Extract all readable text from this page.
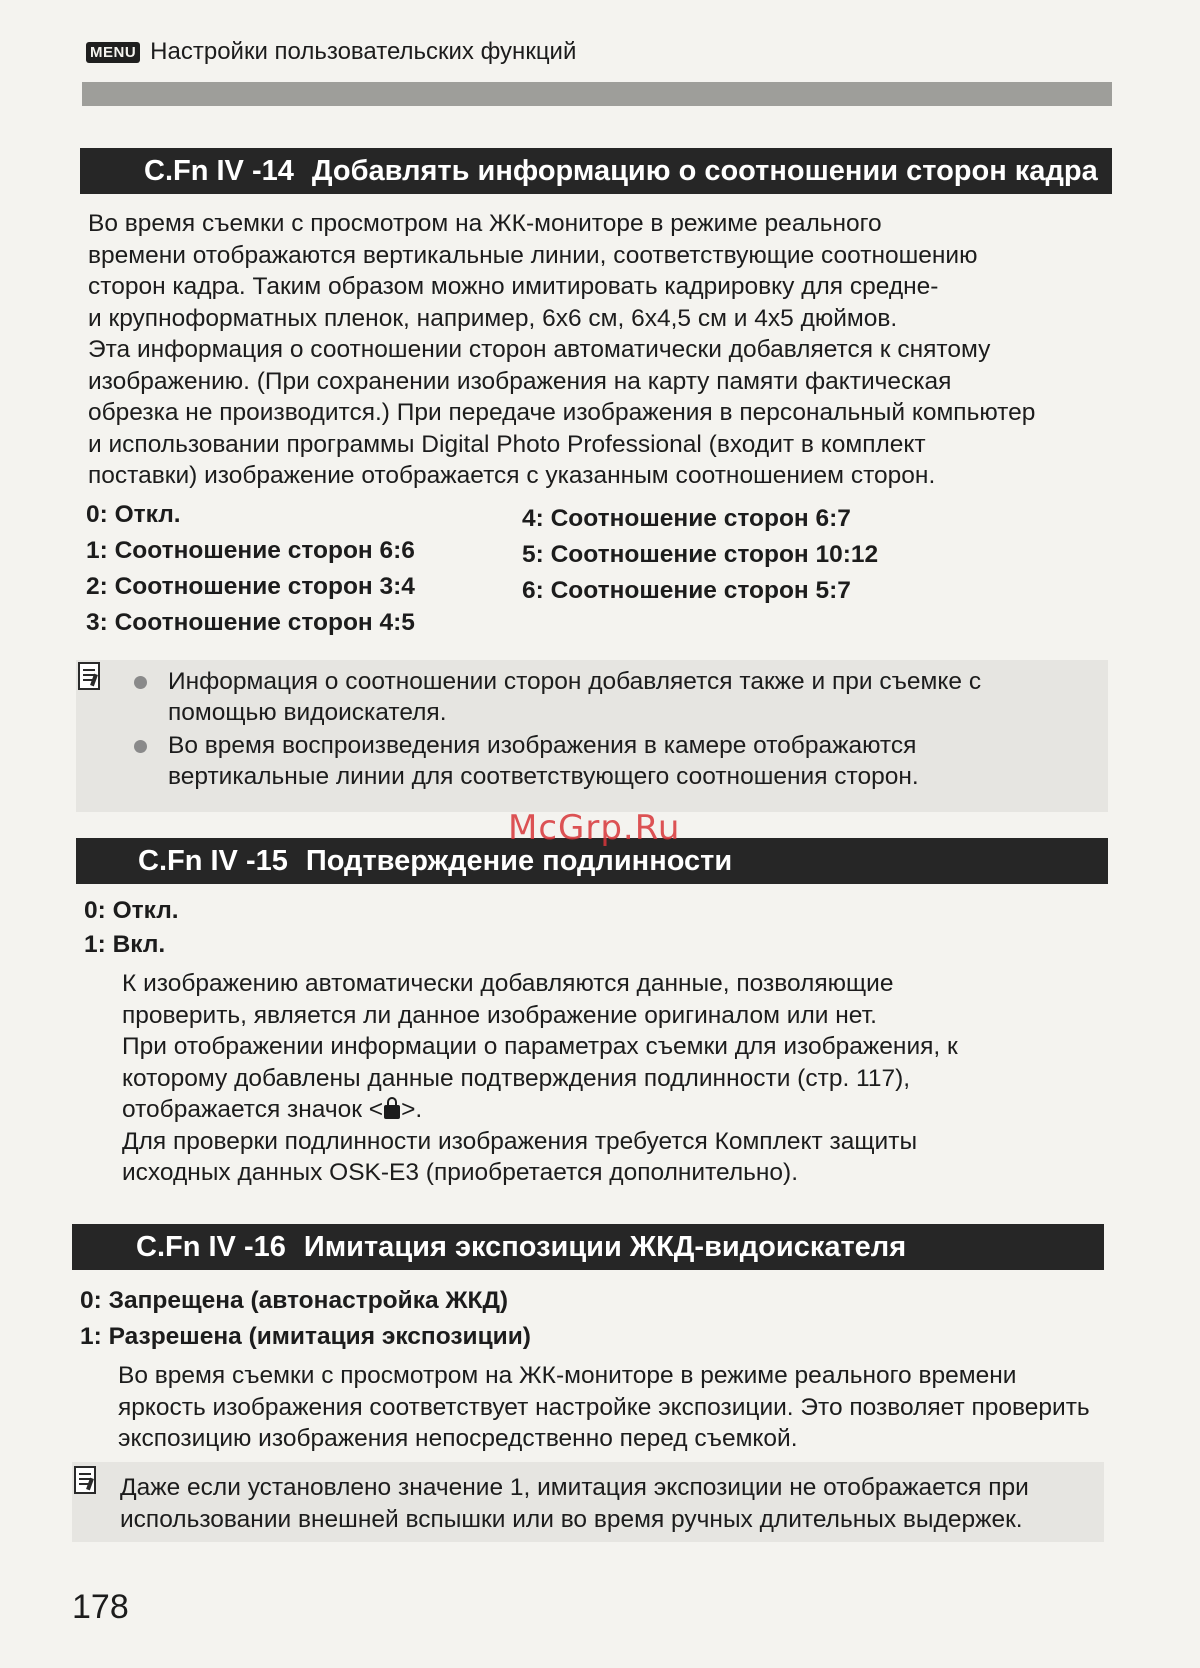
MENU Настройки пользовательских функций
C.Fn IV -14 Добавлять информацию о соотношении сторон кадра
Во время съемки с просмотром на ЖК-мониторе в режиме реального
времени отображаются вертикальные линии, соответствующие соотношению
сторон кадра. Таким образом можно имитировать кадрировку для средне-
и крупноформатных пленок, например, 6х6 см, 6х4,5 см и 4х5 дюймов.
Эта информация о соотношении сторон автоматически добавляется к снятому
изображению. (При сохранении изображения на карту памяти фактическая
обрезка не производится.) При передаче изображения в персональный компьютер
и использовании программы Digital Photo Professional (входит в комплект
поставки) изображение отображается с указанным соотношением сторон.
0: Откл.
1: Соотношение сторон 6:6
2: Соотношение сторон 3:4
3: Соотношение сторон 4:5
4: Соотношение сторон 6:7
5: Соотношение сторон 10:12
6: Соотношение сторон 5:7
Информация о соотношении сторон добавляется также и при съемке с помощью видоискателя.
Во время воспроизведения изображения в камере отображаются вертикальные линии для соответствующего соотношения сторон.
C.Fn IV -15 Подтверждение подлинности
McGrp.Ru
0: Откл.
1: Вкл.
К изображению автоматически добавляются данные, позволяющие проверить, является ли данное изображение оригиналом или нет.
При отображении информации о параметрах съемки для изображения, к которому добавлены данные подтверждения подлинности (стр. 117), отображается значок < >.
Для проверки подлинности изображения требуется Комплект защиты исходных данных OSK-E3 (приобретается дополнительно).
C.Fn IV -16 Имитация экспозиции ЖКД-видоискателя
0: Запрещена (автонастройка ЖКД)
1: Разрешена (имитация экспозиции)
Во время съемки с просмотром на ЖК-мониторе в режиме реального времени яркость изображения соответствует настройке экспозиции. Это позволяет проверить экспозицию изображения непосредственно перед съемкой.
Даже если установлено значение 1, имитация экспозиции не отображается при использовании внешней вспышки или во время ручных длительных выдержек.
178
